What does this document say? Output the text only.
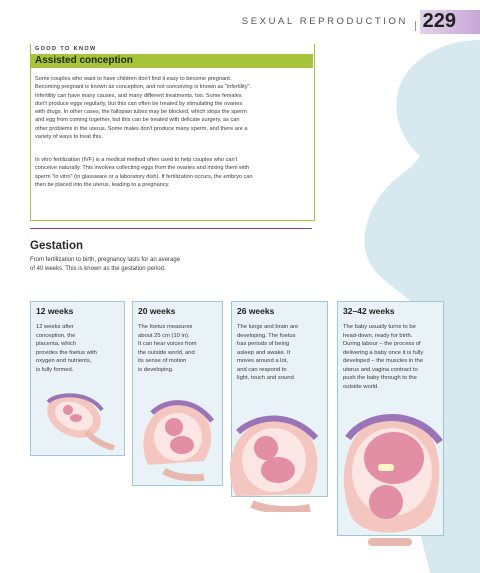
SEXUAL REPRODUCTION 229
GOOD TO KNOW
Assisted conception

Some couples who want to have children don't find it easy to become pregnant.
Becoming pregnant is known as conception, and not conceiving is known as "infertility".
Infertility can have many causes, and many different treatments, too. Some females
don't produce eggs regularly, but this can often be treated by stimulating the ovaries
with drugs. In other cases, the fallopian tubes may be blocked, which stops the sperm
and egg from coming together, but this can be treated with delicate surgery, as can
other problems in the uterus. Some males don't produce many sperm, and there are a
variety of ways to treat this.

In vitro fertilization (IVF) is a medical method often used to help couples who can't
conceive naturally. This involves collecting eggs from the ovaries and mixing them with
sperm "in vitro" (in glassware or a laboratory dish). If fertilization occurs, the embryo can
then be placed into the uterus, leading to a pregnancy.

Gestation

From fertilization to birth, pregnancy lasts for an average
of 40 weeks. This is known as the gestation period.

12 weeks

12 weeks after
conception, the
placenta, which
provides the foetus with
oxygen and nutrients,
is fully formed.

20 weeks

The foetus measures
about 25 cm (10 in).
It can hear voices from
the outside world, and
its sense of motion
is developing.

26 weeks

The lungs and brain are
developing. The foetus
has periods of being
asleep and awake. It
moves around a lot,
and can respond to
light, touch and sound.

32–42 weeks

The baby usually turns to be
head-down, ready for birth.
During labour – the process of
delivering a baby once it is fully
developed – the muscles in the
uterus and vagina contract to
push the baby through to the
outside world.
